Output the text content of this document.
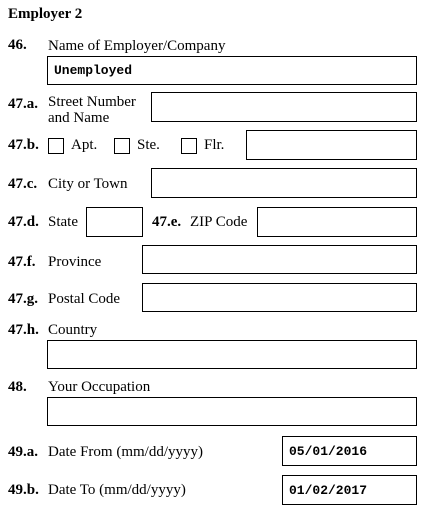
Employer 2
46. Name of Employer/Company
Unemployed
47.a. Street Number
and Name
47.b. Apt.	Ste.	Flr.
47.c. City or Town
47.d. State	47.e. ZIP Code
47.f. Province
47.g. Postal Code
47.h. Country
48. Your Occupation
49.a. Date From (mm/dd/yyyy)	05/01/2016
49.b. Date To (mm/dd/yyyy)	01/02/2017
